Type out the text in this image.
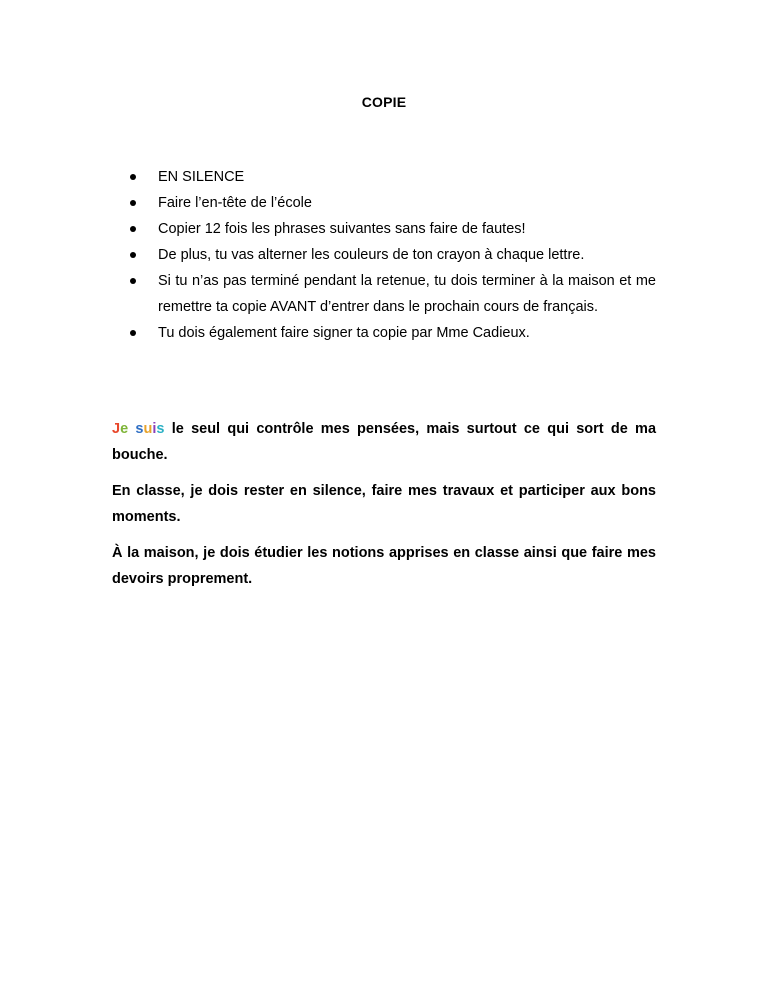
COPIE
EN SILENCE
Faire l’en-tête de l’école
Copier 12 fois les phrases suivantes sans faire de fautes!
De plus, tu vas alterner les couleurs de ton crayon à chaque lettre.
Si tu n’as pas terminé pendant la retenue, tu dois terminer à la maison et me remettre ta copie AVANT d’entrer dans le prochain cours de français.
Tu dois également faire signer ta copie par Mme Cadieux.

Je suis le seul qui contrôle mes pensées, mais surtout ce qui sort de ma bouche.

En classe, je dois rester en silence, faire mes travaux et participer aux bons moments.

À la maison, je dois étudier les notions apprises en classe ainsi que faire mes devoirs proprement.
